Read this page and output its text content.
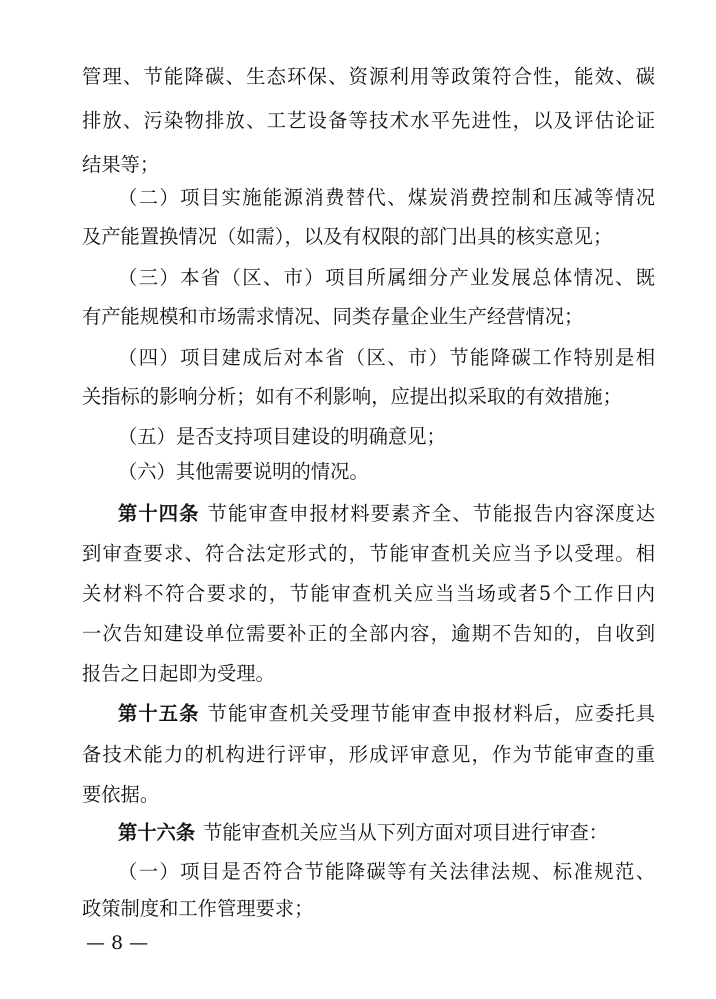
管理、节能降碳、生态环保、资源利用等政策符合性，能效、碳
排放、污染物排放、工艺设备等技术水平先进性，以及评估论证
结果等；
（二）项目实施能源消费替代、煤炭消费控制和压减等情况
及产能置换情况（如需），以及有权限的部门出具的核实意见；
（三）本省（区、市）项目所属细分产业发展总体情况、既
有产能规模和市场需求情况、同类存量企业生产经营情况；
（四）项目建成后对本省（区、市）节能降碳工作特别是相
关指标的影响分析；如有不利影响，应提出拟采取的有效措施；
（五）是否支持项目建设的明确意见；
（六）其他需要说明的情况。
第十四条 节能审查申报材料要素齐全、节能报告内容深度达
到审查要求、符合法定形式的，节能审查机关应当予以受理。相
关材料不符合要求的，节能审查机关应当当场或者5个工作日内
一次告知建设单位需要补正的全部内容，逾期不告知的，自收到
报告之日起即为受理。
第十五条 节能审查机关受理节能审查申报材料后，应委托具
备技术能力的机构进行评审，形成评审意见，作为节能审查的重
要依据。
第十六条 节能审查机关应当从下列方面对项目进行审查：
（一）项目是否符合节能降碳等有关法律法规、标准规范、
政策制度和工作管理要求；
— 8 —
